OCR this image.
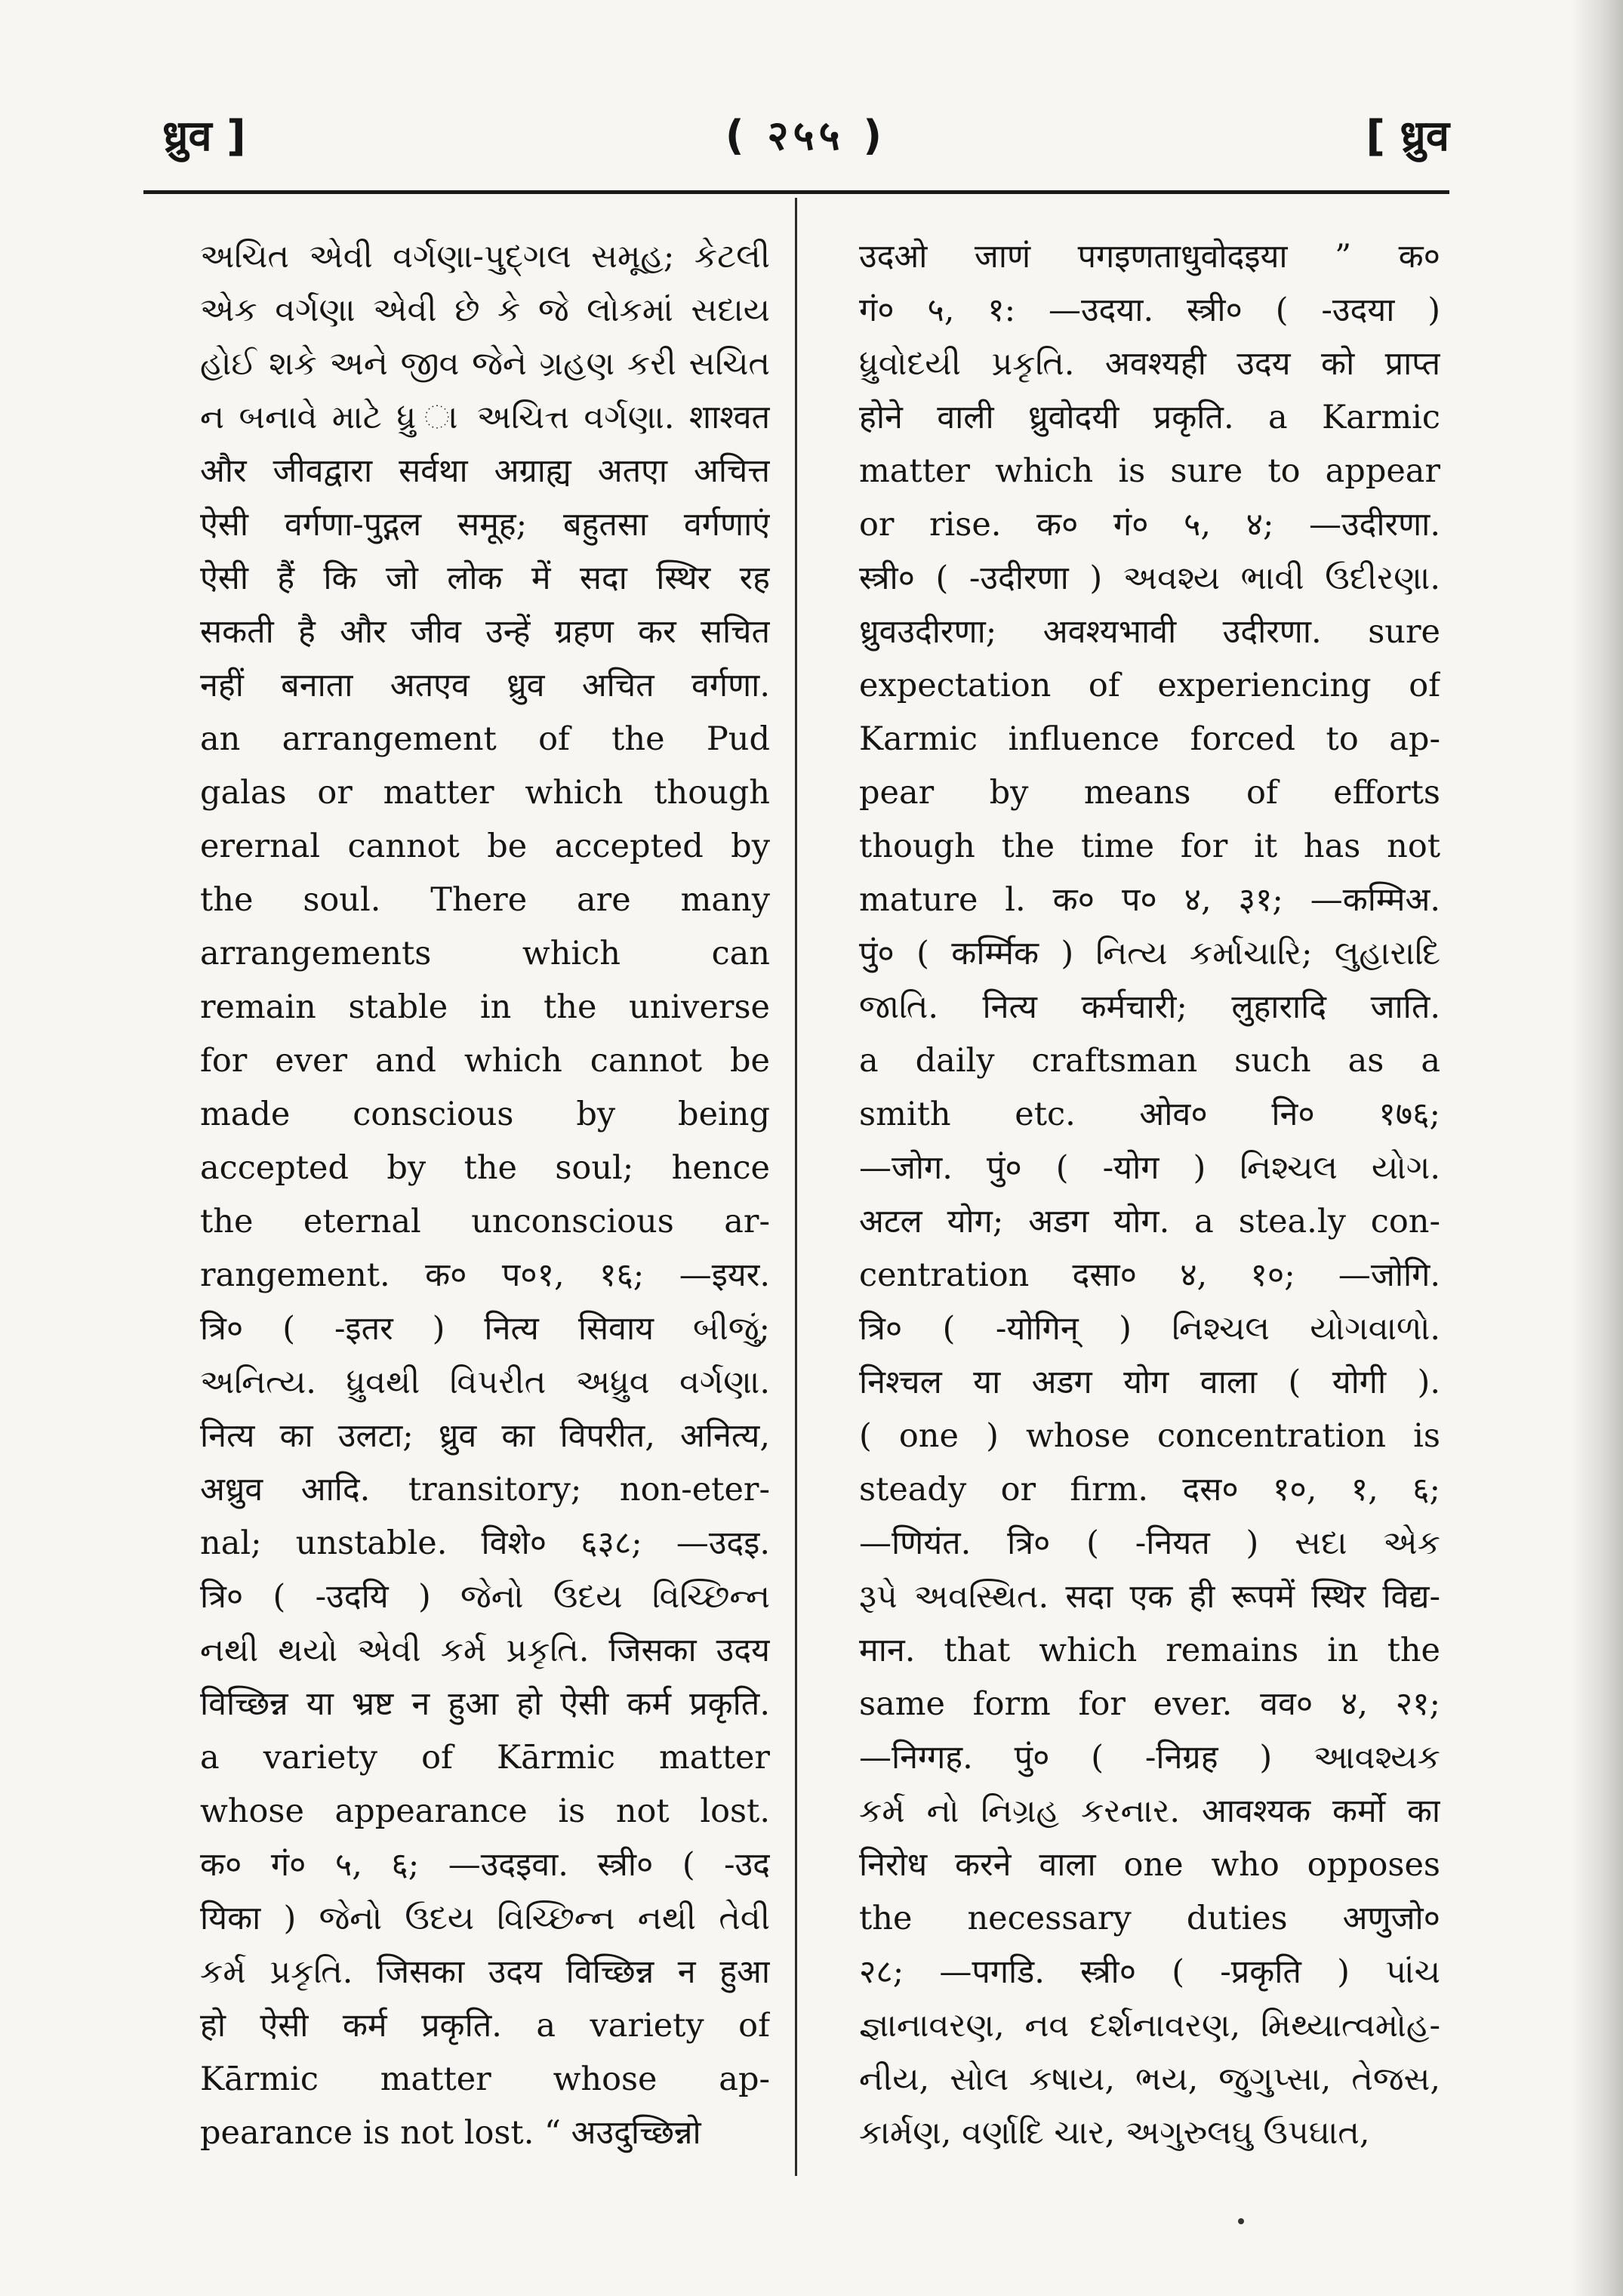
ध्रुव ]	( २५५ )	[ ध्रुव
અચિત એવી વર્ગણા-પુદ્ગલ સમૂહ; કેટલી
એક વર્ગણા એવી છે કે જે લોકમાં સદાય
હોઈ શકે અને જીવ જેને ગ્રહણ કરી સચિત
ન બનાવે માટે ધ્રુ ા અચિત્ત વર્ગણા. शाश्वत
और जीवद्वारा सर्वथा अग्राह्य अतएा अचित्त
ऐसी वर्गणा-पुद्गल समूह; बहुतसा वर्गणाएं
ऐसी हैं कि जो लोक में सदा स्थिर रह
सकती है और जीव उन्हें ग्रहण कर सचित
नहीं बनाता अतएव ध्रुव अचित वर्गणा.
an arrangement of the Pud
galas or matter which though
erernal cannot be accepted by
the soul. There are many
arrangements which can
remain stable in the universe
for ever and which cannot be
made conscious by being
accepted by the soul; hence
the eternal unconscious ar-
rangement. क० प०१, १६; —इयर.
त्रि० ( -इतर ) नित्य सिवाय બીજું;
અનિત્ય. ધ્રુવથી વિપરીત અધ્રુવ વર્ગણા.
नित्य का उलटा; ध्रुव का विपरीत, अनित्य,
अध्रुव आदि. transitory; non-eter-
nal; unstable. विशे० ६३८; —उदइ.
त्रि० ( -उदयि ) જેનો ઉદય વિચ્છિન્ન
નથી થયો એવી કર્મ પ્રકૃતિ. जिसका उदय
विच्छिन्न या भ्रष्ट न हुआ हो ऐसी कर्म प्रकृति.
a variety of Kārmic matter
whose appearance is not lost.
क० गं० ५, ६; —उदइवा. स्त्री० ( -उद
यिका ) જેનો ઉદય વિચ્છિન્ન નથી તેવી
કર્મ પ્રકૃતિ. जिसका उदय विच्छिन्न न हुआ
हो ऐसी कर्म प्रकृति. a variety of
Kārmic matter whose ap-
pearance is not lost. “ अउदुच्छिन्नो
उदओ जाणं पगइणताधुवोदइया ” क०
गं० ५, १: —उदया. स्त्री० ( -उदया )
ધ્રુવોદયી પ્રકૃતિ. अवश्यही उदय को प्राप्त
होने वाली ध्रुवोदयी प्रकृति. a Karmic
matter which is sure to appear
or rise. क० गं० ५, ४; —उदीरणा.
स्त्री० ( -उदीरणा ) અવશ્ય ભાવી ઉદીરણા.
ध्रुवउदीरणा; अवश्यभावी उदीरणा. sure
expectation of experiencing of
Karmic influence forced to ap-
pear by means of efforts
though the time for it has not
mature l. क० प० ४, ३१; —कम्मिअ.
पुं० ( कर्म्मिक ) નિત્ય કર્માચારિ; લુહારાદિ
જાતિ. नित्य कर्मचारी; लुहारादि जाति.
a daily craftsman such as a
smith etc. ओव० नि० १७६;
—जोग. पुं० ( -योग ) નિશ્ચલ યોગ.
अटल योग; अडग योग. a stea.ly con-
centration दसा० ४, १०; —जोगि.
त्रि० ( -योगिन् ) નિશ્ચલ યોગવાળો.
निश्चल या अडग योग वाला ( योगी ).
( one ) whose concentration is
steady or firm. दस० १०, १, ६;
—णियंत. त्रि० ( -नियत ) સદા એક
રૂપે અવસ્થિત. सदा एक ही रूपमें स्थिर विद्य-
मान. that which remains in the
same form for ever. वव० ४, २१;
—निग्गह. पुं० ( -निग्रह ) આવશ્યક
કર્મ નો નિગ્રહ કરનાર. आवश्यक कर्मो का
निरोध करने वाला one who opposes
the necessary duties अणुजो०
२८; —पगडि. स्त्री० ( -प्रकृति ) પાંચ
જ્ઞાનાવરણ, નવ દર્શનાવરણ, મિથ્યાત્વમોહ-
નીય, સોલ કષાય, ભય, જુગુપ્સા, તેજસ,
કાર્મણ, વર્ણાદિ ચાર, અગુરુલઘુ ઉપઘાત,
